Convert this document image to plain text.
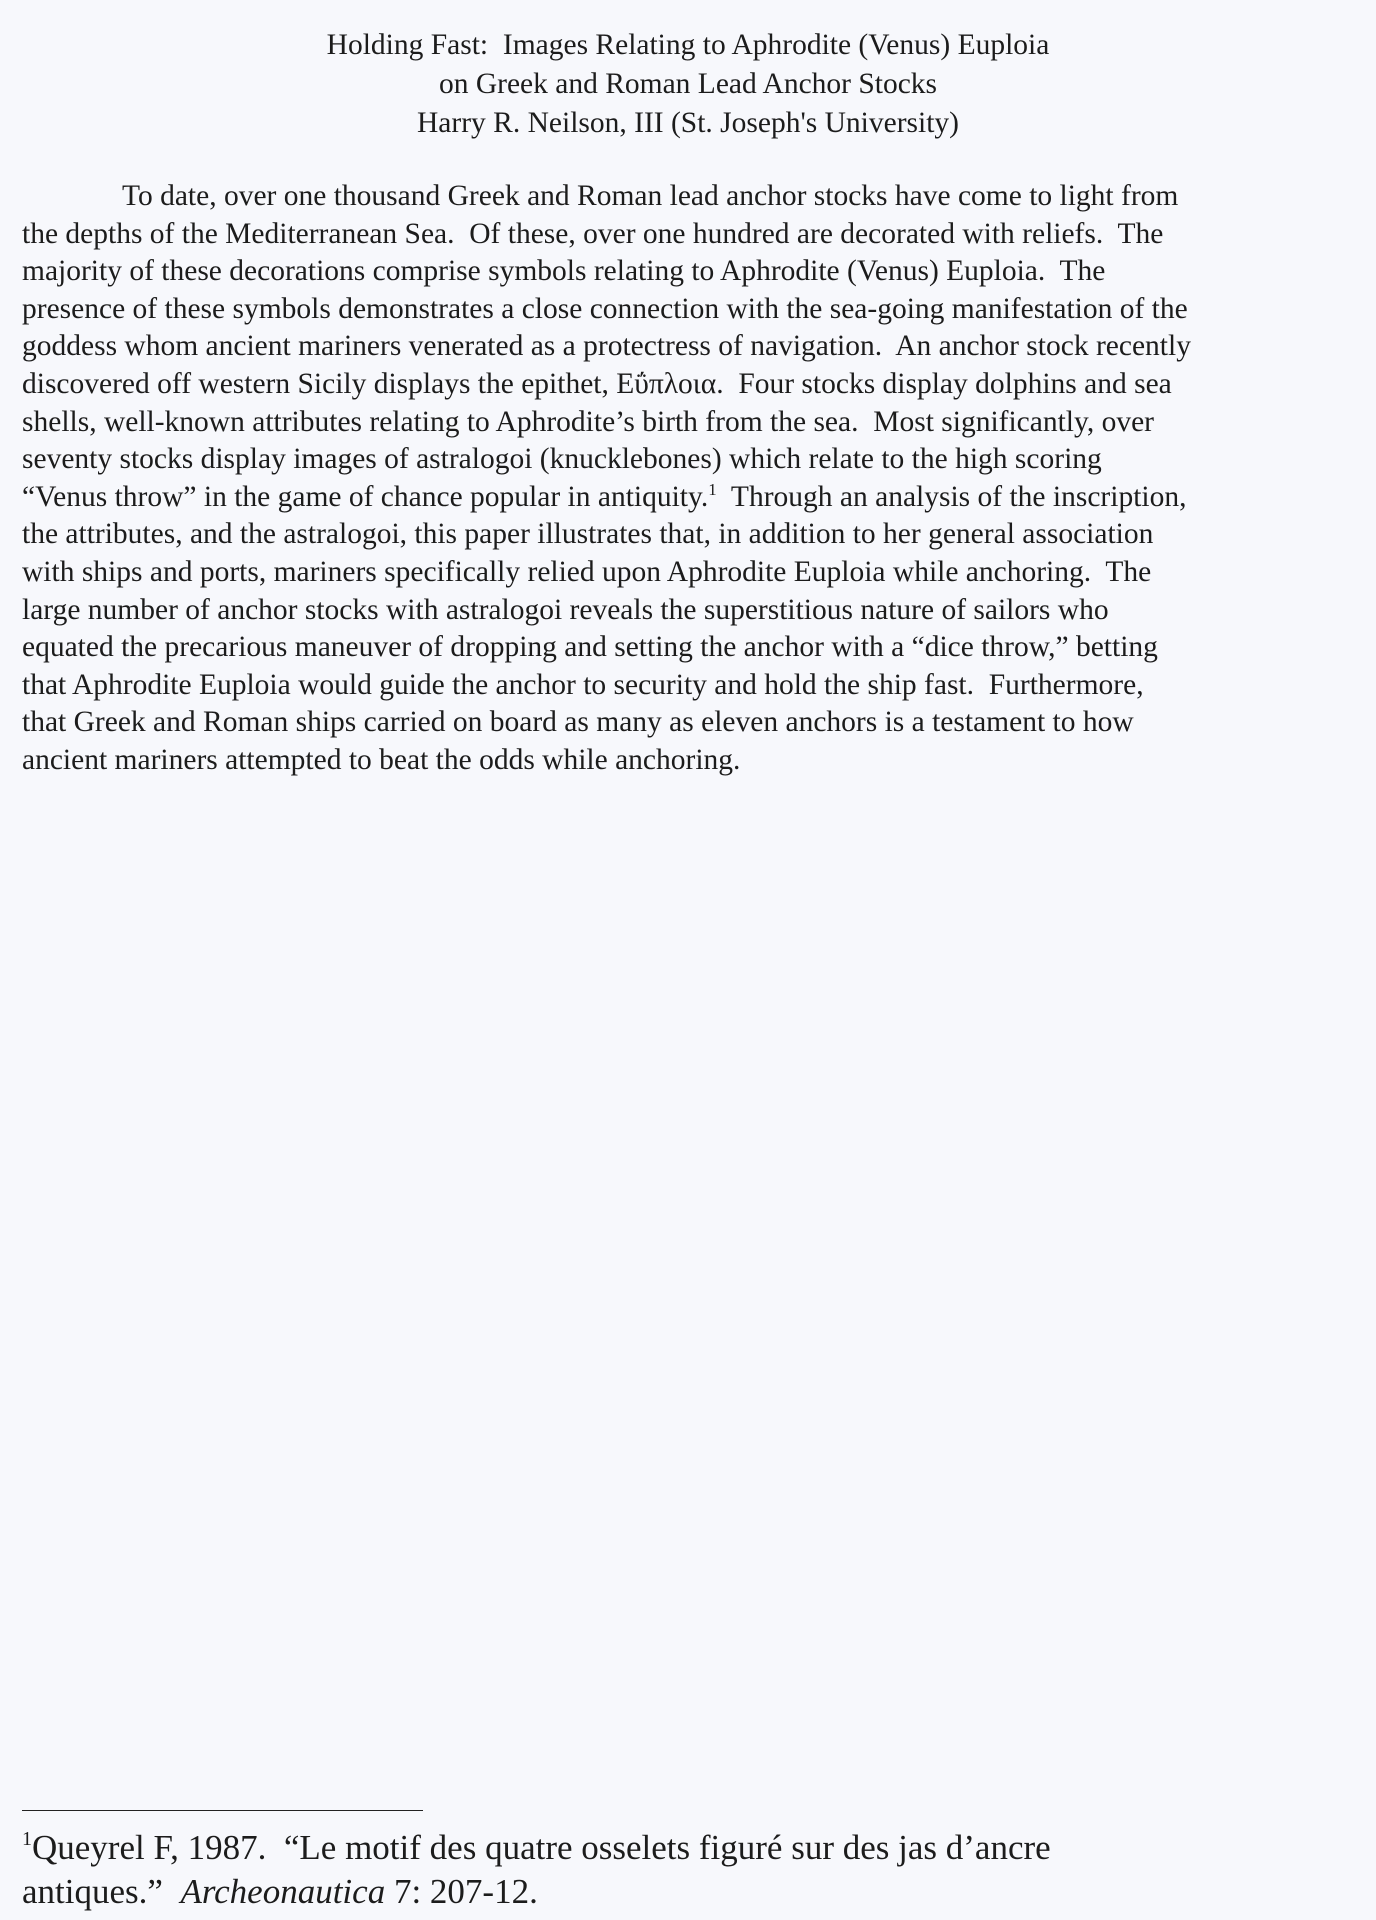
Holding Fast:  Images Relating to Aphrodite (Venus) Euploia
on Greek and Roman Lead Anchor Stocks
Harry R. Neilson, III (St. Joseph's University)
To date, over one thousand Greek and Roman lead anchor stocks have come to light from
the depths of the Mediterranean Sea.  Of these, over one hundred are decorated with reliefs.  The
majority of these decorations comprise symbols relating to Aphrodite (Venus) Euploia.  The
presence of these symbols demonstrates a close connection with the sea-going manifestation of the
goddess whom ancient mariners venerated as a protectress of navigation.  An anchor stock recently
discovered off western Sicily displays the epithet, Εΰπλοια.  Four stocks display dolphins and sea
shells, well-known attributes relating to Aphrodite’s birth from the sea.  Most significantly, over
seventy stocks display images of astralogoi (knucklebones) which relate to the high scoring
“Venus throw” in the game of chance popular in antiquity.$^1$  Through an analysis of the inscription,
the attributes, and the astralogoi, this paper illustrates that, in addition to her general association
with ships and ports, mariners specifically relied upon Aphrodite Euploia while anchoring.  The
large number of anchor stocks with astralogoi reveals the superstitious nature of sailors who
equated the precarious maneuver of dropping and setting the anchor with a “dice throw,” betting
that Aphrodite Euploia would guide the anchor to security and hold the ship fast.  Furthermore,
that Greek and Roman ships carried on board as many as eleven anchors is a testament to how
ancient mariners attempted to beat the odds while anchoring.
$^1$Queyrel F, 1987.  “Le motif des quatre osselets figuré sur des jas d’ancre
antiques.”  Archeonautica 7: 207-12.
